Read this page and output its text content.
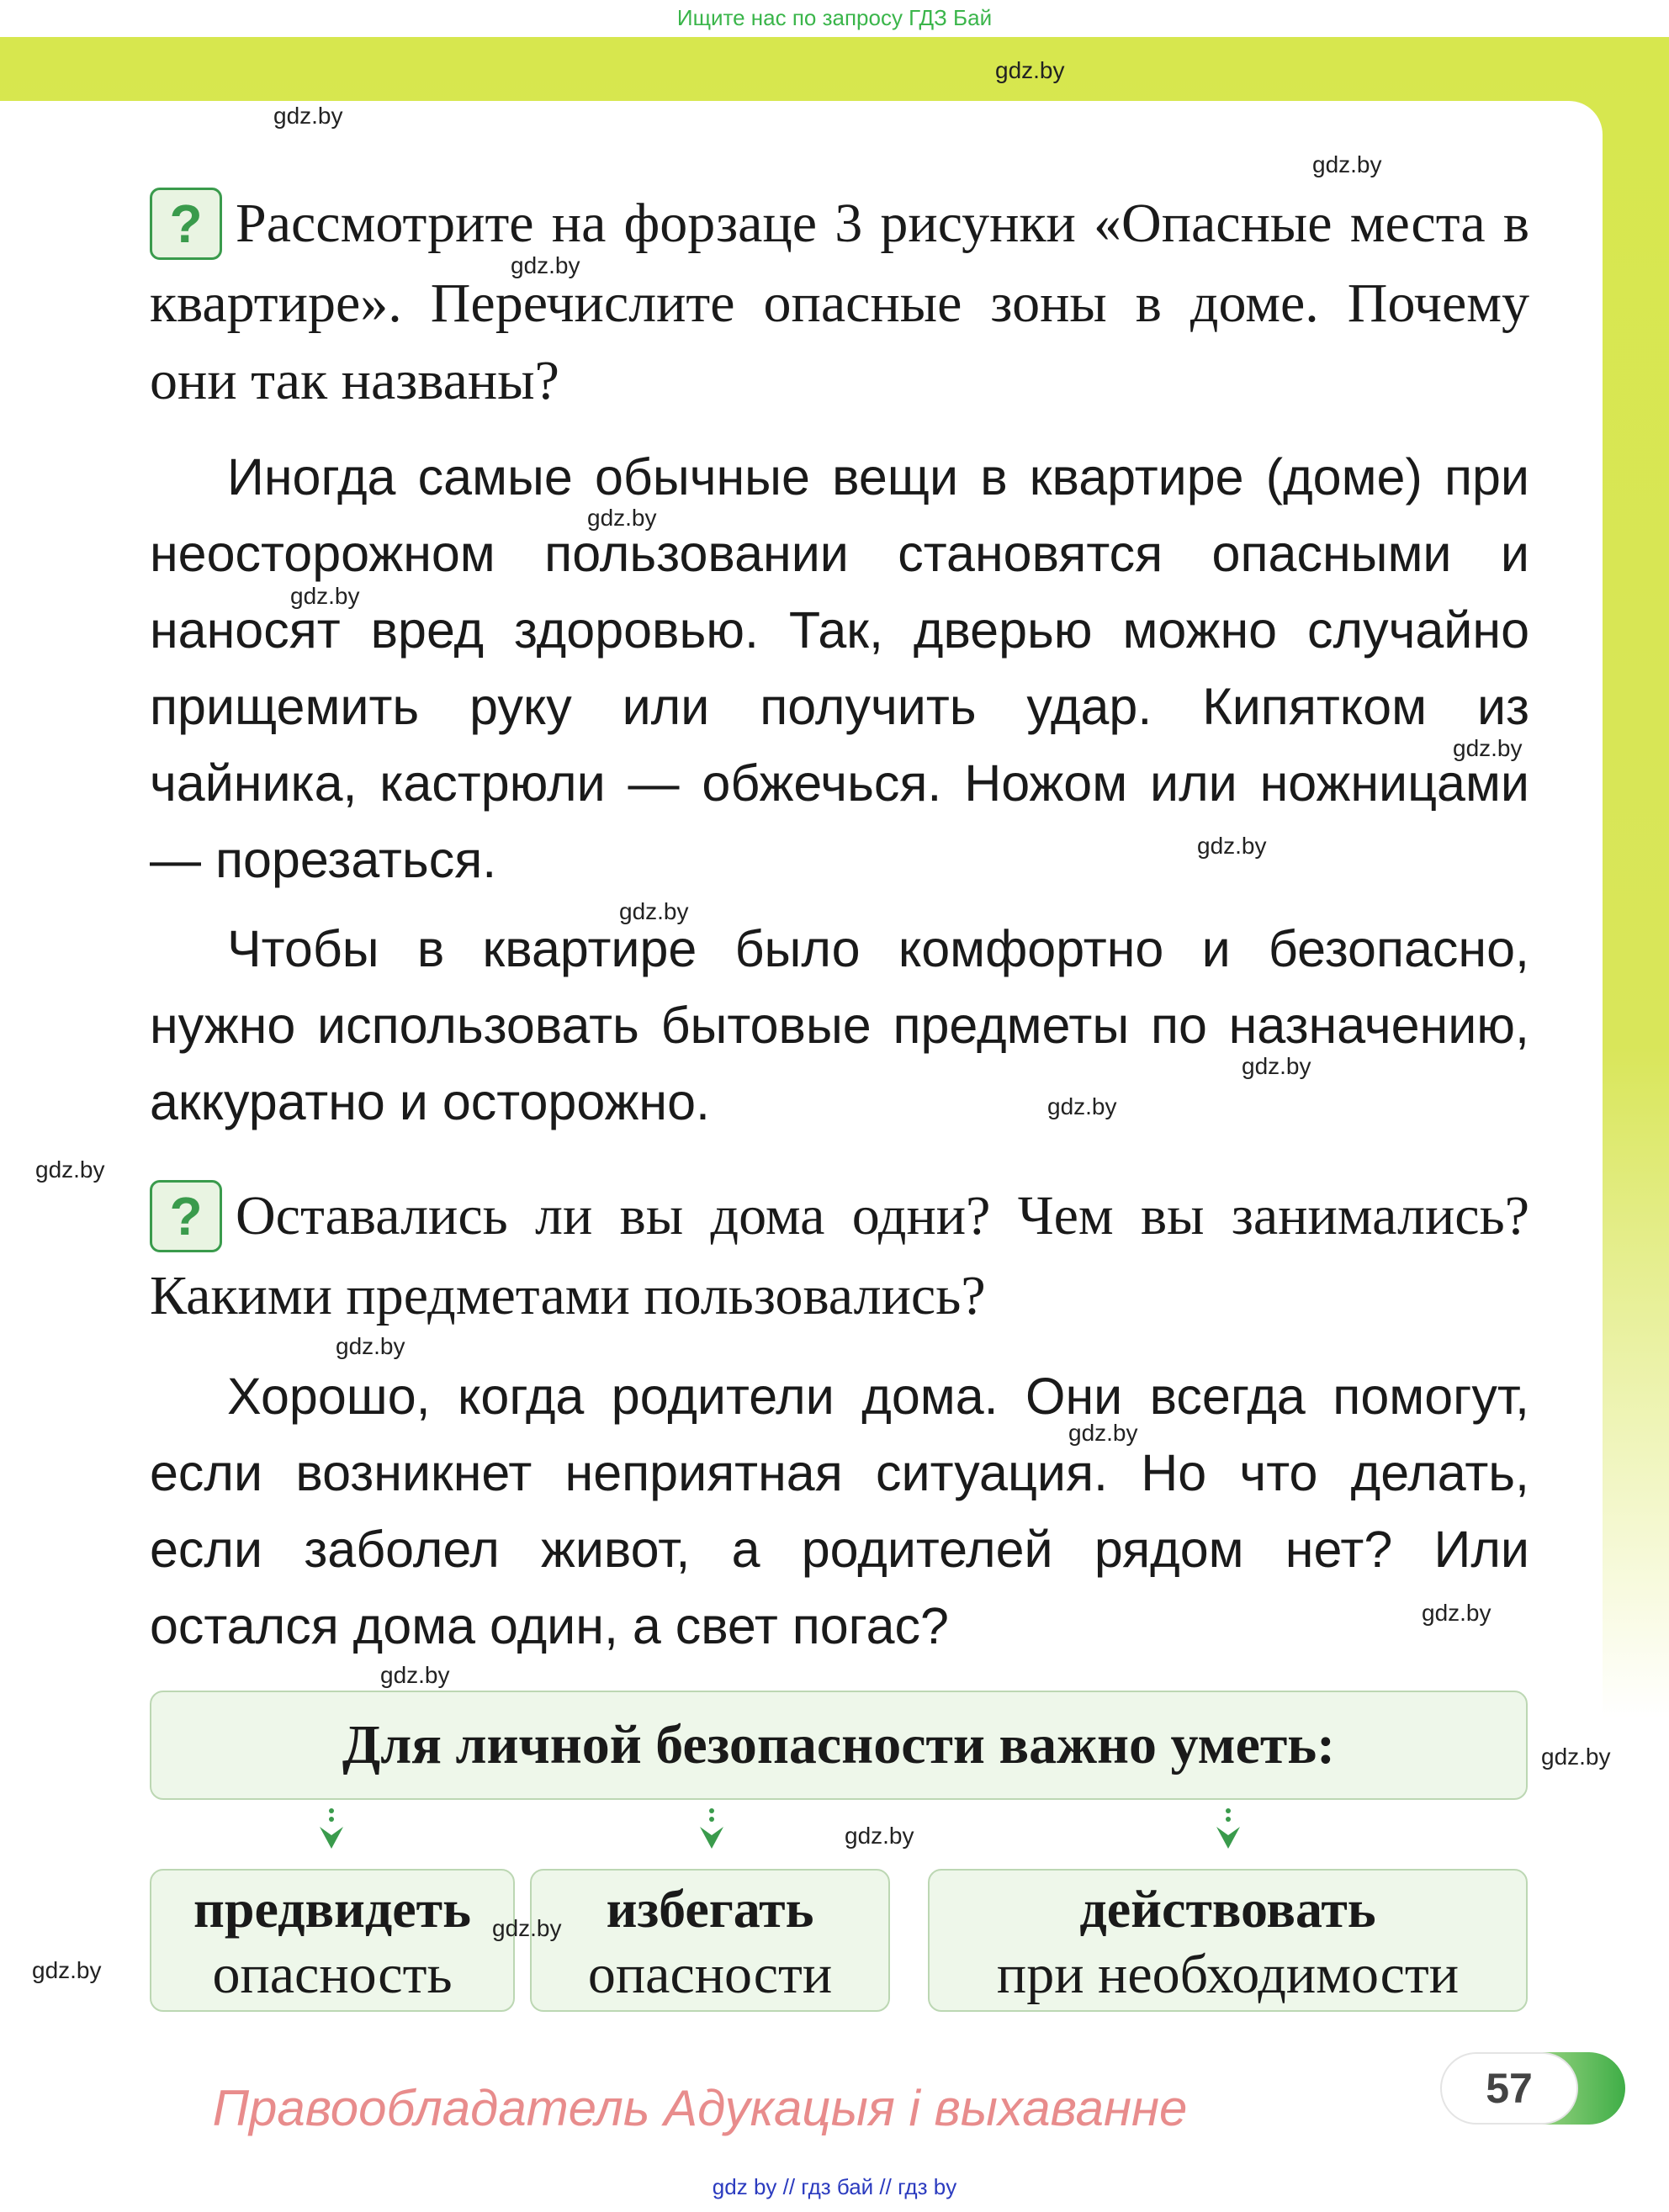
Ищите нас по запросу ГДЗ Бай

? Рассмотрите на форзаце 3 рисунки «Опасные места в квартире». Перечислите опасные зоны в доме. Почему они так названы?

Иногда самые обычные вещи в квартире (доме) при неосторожном пользовании становятся опасными и наносят вред здоровью. Так, дверью можно случайно прищемить руку или получить удар. Кипятком из чайника, кастрюли — обжечься. Ножом или ножницами — порезаться.

Чтобы в квартире было комфортно и безопасно, нужно использовать бытовые предметы по назначению, аккуратно и осторожно.

? Оставались ли вы дома одни? Чем вы занимались? Какими предметами пользовались?

Хорошо, когда родители дома. Они всегда помогут, если возникнет неприятная ситуация. Но что делать, если заболел живот, а родителей рядом нет? Или остался дома один, а свет погас?

Для личной безопасности важно уметь:
предвидеть
опасность
избегать
опасности
действовать
при необходимости
gdz.by
gdz.by
gdz.by
gdz.by
gdz.by
gdz.by
gdz.by
gdz.by
gdz.by
gdz.by
gdz.by
gdz.by
gdz.by
gdz.by
gdz.by
gdz.by
gdz.by
gdz.by
gdz.by
gdz.by
57
Правообладатель Адукацыя і выхаванне
gdz by // гдз бай // гдз by
